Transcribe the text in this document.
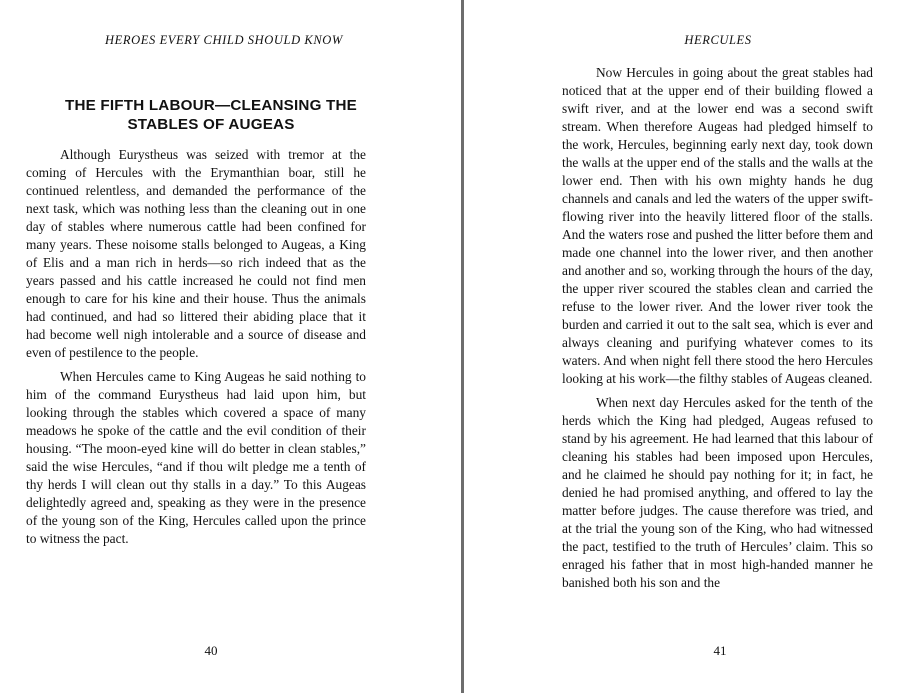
HEROES EVERY CHILD SHOULD KNOW
THE FIFTH LABOUR—CLEANSING THE STABLES OF AUGEAS

Although Eurystheus was seized with tremor at the coming of Hercules with the Erymanthian boar, still he continued relentless, and demanded the performance of the next task, which was nothing less than the cleaning out in one day of stables where numerous cattle had been confined for many years. These noisome stalls belonged to Augeas, a King of Elis and a man rich in herds—so rich indeed that as the years passed and his cattle increased he could not find men enough to care for his kine and their house. Thus the animals had continued, and had so littered their abiding place that it had become well nigh intolerable and a source of disease and even of pestilence to the people.

When Hercules came to King Augeas he said nothing to him of the command Eurystheus had laid upon him, but looking through the stables which covered a space of many meadows he spoke of the cattle and the evil condition of their housing. “The moon-eyed kine will do better in clean stables,” said the wise Hercules, “and if thou wilt pledge me a tenth of thy herds I will clean out thy stalls in a day.” To this Augeas delightedly agreed and, speaking as they were in the presence of the young son of the King, Hercules called upon the prince to witness the pact.

40
HERCULES

Now Hercules in going about the great stables had noticed that at the upper end of their building flowed a swift river, and at the lower end was a second swift stream. When therefore Augeas had pledged himself to the work, Hercules, beginning early next day, took down the walls at the upper end of the stalls and the walls at the lower end. Then with his own mighty hands he dug channels and canals and led the waters of the upper swift-flowing river into the heavily littered floor of the stalls. And the waters rose and pushed the litter before them and made one channel into the lower river, and then another and another and so, working through the hours of the day, the upper river scoured the stables clean and carried the refuse to the lower river. And the lower river took the burden and carried it out to the salt sea, which is ever and always cleaning and purifying whatever comes to its waters. And when night fell there stood the hero Hercules looking at his work—the filthy stables of Augeas cleaned.

When next day Hercules asked for the tenth of the herds which the King had pledged, Augeas refused to stand by his agreement. He had learned that this labour of cleaning his stables had been imposed upon Hercules, and he claimed he should pay nothing for it; in fact, he denied he had promised anything, and offered to lay the matter before judges. The cause therefore was tried, and at the trial the young son of the King, who had witnessed the pact, testified to the truth of Hercules’ claim. This so enraged his father that in most high-handed manner he banished both his son and the

41
